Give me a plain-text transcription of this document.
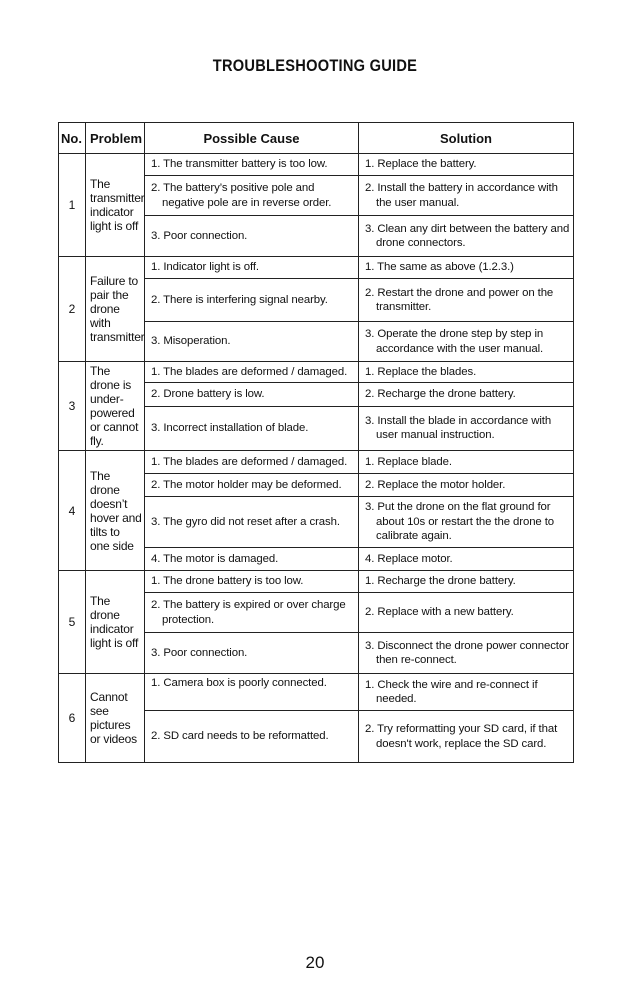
TROUBLESHOOTING GUIDE
No.	Problem	Possible Cause	Solution
1	The transmitter indicator light is off	1. The transmitter battery is too low.	1. Replace the battery.

		2. The battery’s positive pole and negative pole are in reverse order.	2. Install the battery in accordance with the user manual.

		3. Poor connection.	3. Clean any dirt between the battery and drone connectors.

2	Failure to pair the drone with transmitter	1. Indicator light is off.	1. The same as above (1.2.3.)

		2. There is interfering signal nearby.	2. Restart the drone and power on the transmitter.

		3. Misoperation.	3. Operate the drone step by step in accordance with the user manual.

3	The drone is under-powered or cannot fly.	1. The blades are deformed / damaged.	1. Replace the blades.

		2. Drone battery is low.	2. Recharge the drone battery.

		3. Incorrect installation of blade.	3. Install the blade in accordance with user manual instruction.

4	The drone doesn’t hover and tilts to one side	1. The blades are deformed / damaged.	1. Replace blade.

		2. The motor holder may be deformed.	2. Replace the motor holder.

		3. The gyro did not reset after a crash.	3. Put the drone on the flat ground for about 10s or restart the the drone to calibrate again.

		4. The motor is damaged.	4. Replace motor.

5	The drone indicator light is off	1. The drone battery is too low.	1. Recharge the drone battery.

		2. The battery is expired or over charge protection.	2. Replace with a new battery.

		3. Poor connection.	3. Disconnect the drone power connector then re-connect.

6	Cannot see pictures or videos	1. Camera box is poorly connected.	1. Check the wire and re-connect if needed.

		2. SD card needs to be reformatted.	2. Try reformatting your SD card, if that doesn't work, replace the SD card.
20
